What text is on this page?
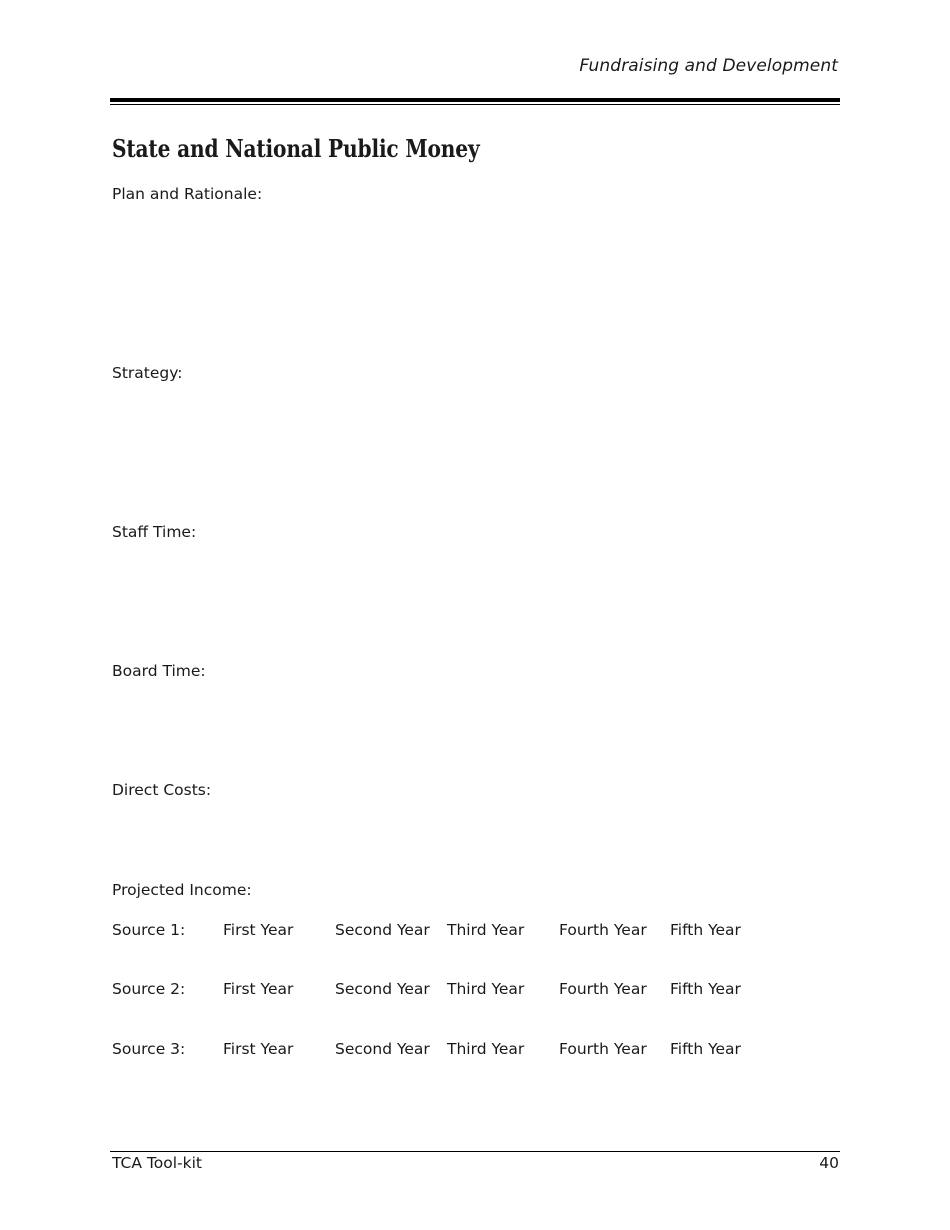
Fundraising and Development
State and National Public Money
Plan and Rationale:
Strategy:
Staff Time:
Board Time:
Direct Costs:
Projected Income:
Source 1: First Year	Second Year Third Year Fourth Year Fifth Year
Source 2: First Year	Second Year Third Year Fourth Year Fifth Year
Source 3: First Year	Second Year Third Year Fourth Year Fifth Year
TCA Tool-kit	40
